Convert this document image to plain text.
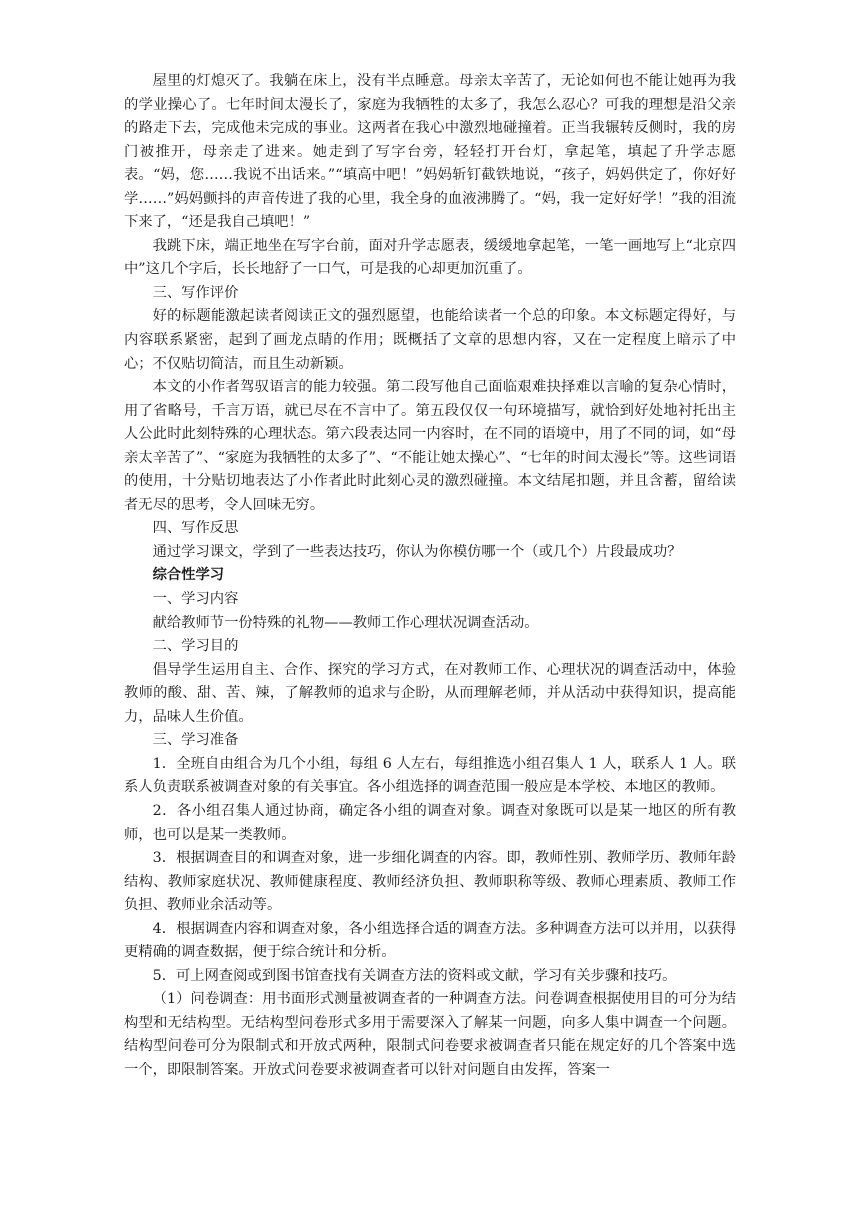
屋里的灯熄灭了。我躺在床上，没有半点睡意。母亲太辛苦了，无论如何也不能让她再为我的学业操心了。七年时间太漫长了，家庭为我牺牲的太多了，我怎么忍心？可我的理想是沿父亲的路走下去，完成他未完成的事业。这两者在我心中激烈地碰撞着。正当我辗转反侧时，我的房门被推开，母亲走了进来。她走到了写字台旁，轻轻打开台灯，拿起笔，填起了升学志愿表。“妈，您……我说不出话来。”“填高中吧！”妈妈斩钉截铁地说，“孩子，妈妈供定了，你好好学……”妈妈颤抖的声音传进了我的心里，我全身的血液沸腾了。“妈，我一定好好学！”我的泪流下来了，“还是我自己填吧！”

我跳下床，端正地坐在写字台前，面对升学志愿表，缓缓地拿起笔，一笔一画地写上“北京四中”这几个字后，长长地舒了一口气，可是我的心却更加沉重了。

三、写作评价

好的标题能激起读者阅读正文的强烈愿望，也能给读者一个总的印象。本文标题定得好，与内容联系紧密，起到了画龙点睛的作用；既概括了文章的思想内容，又在一定程度上暗示了中心；不仅贴切简洁，而且生动新颖。

本文的小作者驾驭语言的能力较强。第二段写他自己面临艰难抉择难以言喻的复杂心情时，用了省略号，千言万语，就已尽在不言中了。第五段仅仅一句环境描写，就恰到好处地衬托出主人公此时此刻特殊的心理状态。第六段表达同一内容时，在不同的语境中，用了不同的词，如“母亲太辛苦了”、“家庭为我牺牲的太多了”、“不能让她太操心”、“七年的时间太漫长”等。这些词语的使用，十分贴切地表达了小作者此时此刻心灵的激烈碰撞。本文结尾扣题，并且含蓄，留给读者无尽的思考，令人回味无穷。

四、写作反思

通过学习课文，学到了一些表达技巧，你认为你模仿哪一个（或几个）片段最成功？

综合性学习

一、学习内容

献给教师节一份特殊的礼物——教师工作心理状况调查活动。

二、学习目的

倡导学生运用自主、合作、探究的学习方式，在对教师工作、心理状况的调查活动中，体验教师的酸、甜、苦、辣，了解教师的追求与企盼，从而理解老师，并从活动中获得知识，提高能力，品味人生价值。

三、学习准备

1．全班自由组合为几个小组，每组 6 人左右，每组推选小组召集人 1 人，联系人 1 人。联系人负责联系被调查对象的有关事宜。各小组选择的调查范围一般应是本学校、本地区的教师。

2．各小组召集人通过协商，确定各小组的调查对象。调查对象既可以是某一地区的所有教师，也可以是某一类教师。

3．根据调查目的和调查对象，进一步细化调查的内容。即，教师性别、教师学历、教师年龄结构、教师家庭状况、教师健康程度、教师经济负担、教师职称等级、教师心理素质、教师工作负担、教师业余活动等。

4．根据调查内容和调查对象，各小组选择合适的调查方法。多种调查方法可以并用，以获得更精确的调查数据，便于综合统计和分析。

5．可上网查阅或到图书馆查找有关调查方法的资料或文献，学习有关步骤和技巧。

（1）问卷调查：用书面形式测量被调查者的一种调查方法。问卷调查根据使用目的可分为结构型和无结构型。无结构型问卷形式多用于需要深入了解某一问题，向多人集中调查一个问题。结构型问卷可分为限制式和开放式两种，限制式问卷要求被调查者只能在规定好的几个答案中选一个，即限制答案。开放式问卷要求被调查者可以针对问题自由发挥，答案一
